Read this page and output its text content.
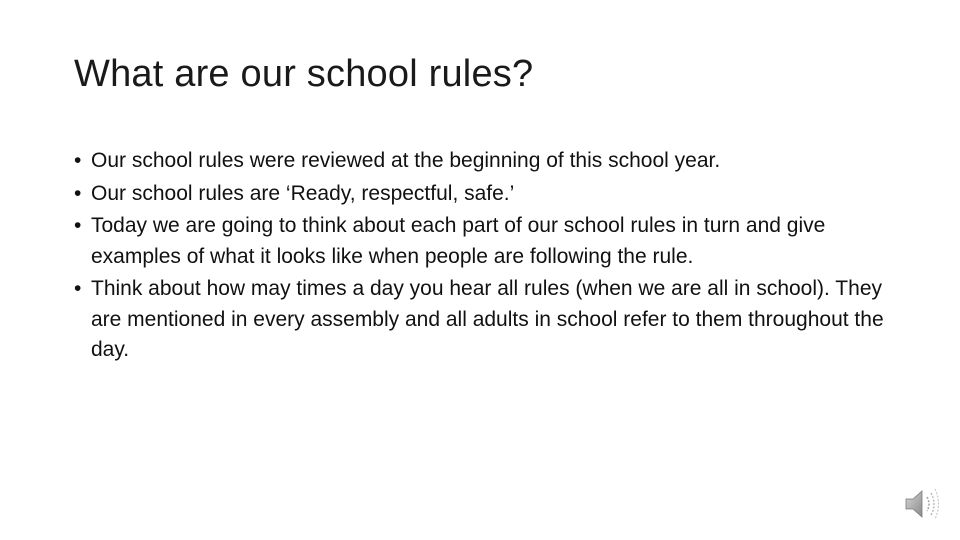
What are our school rules?
• Our school rules were reviewed at the beginning of this school year.
• Our school rules are ‘Ready, respectful, safe.’
• Today we are going to think about each part of our school rules in turn and give examples of what it looks like when people are following the rule.
• Think about how may times a day you hear all rules (when we are all in school). They are mentioned in every assembly and all adults in school refer to them throughout the day.
